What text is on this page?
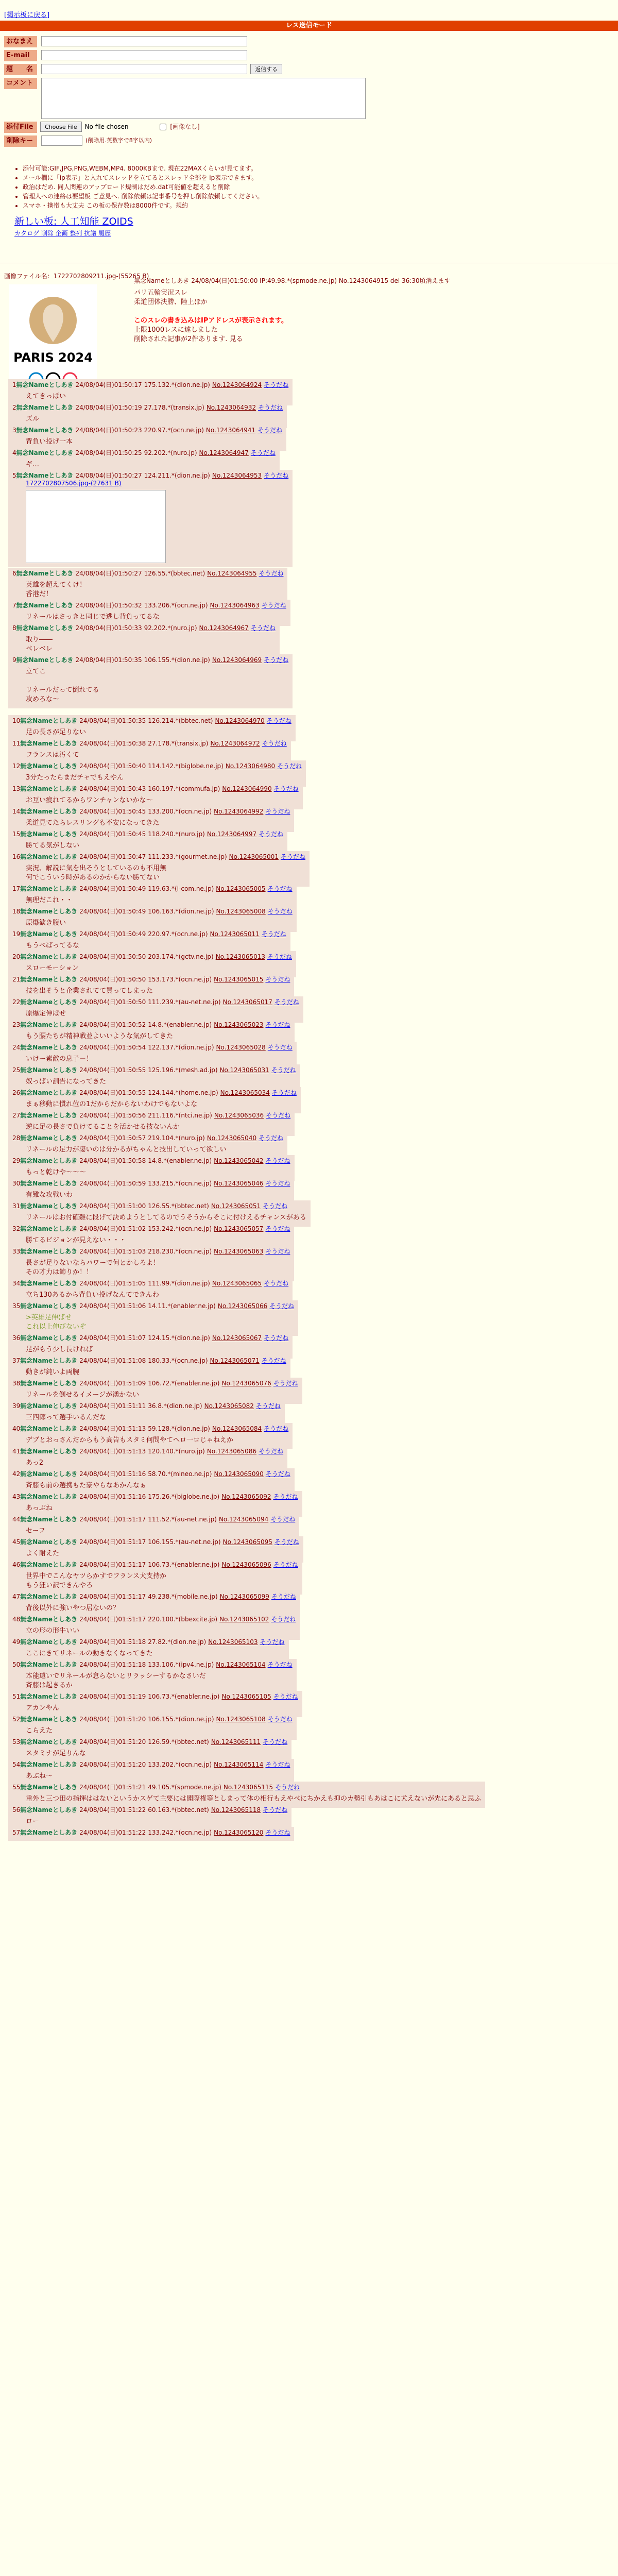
[掲示板に戻る]
レス送信モード
おなまえ
E-mail
題　　名	返信する
コメント
添付File	Choose File	No file chosen	[画像なし]
削除キー	(削除用.英数字で8字以内)
• 添付可能:GIF,JPG,PNG,WEBM,MP4. 8000KBまで. 現在22MAXくらいが見てます。
• メール欄に「ip表示」と入れてスレッドを立てるとスレッド全部を ip表示できます。
• 政治はだめ. 同人関連のアップロード規制はだめ.dat可能値を超えると削除
• 管理人への連絡は要望板 ご意見へ. 削除依頼は記事番号を押し削除依頼してください。
• スマホ・携帯も大丈夫 この板の保存数は8000件です。規約
新しい板: 人工知能 ZOIDS
カタログ 削除 企画 整列 抗議 履歴
画像ファイル名：1722702809211.jpg-(55265 B)
PARIS 2024
無念Nameとしあき 24/08/04(日)01:50:00 IP:49.98.*(spmode.ne.jp) No.1243064915 del 36:30頃消えます
パリ五輪実況スレ
柔道団体決勝、陸上ほか
このスレの書き込みはIPアドレスが表示されます。
上限1000レスに達しました
削除された記事が2件あります. 見る
1無念Nameとしあき 24/08/04(日)01:50:17 175.132.*(dion.ne.jp) No.1243064924 そうだね
えてきっぱい
2無念Nameとしあき 24/08/04(日)01:50:19 27.178.*(transix.jp) No.1243064932 そうだね
ズル
3無念Nameとしあき 24/08/04(日)01:50:23 220.97.*(ocn.ne.jp) No.1243064941 そうだね
背負い投げ一本
4無念Nameとしあき 24/08/04(日)01:50:25 92.202.*(nuro.jp) No.1243064947 そうだね
ギ…
5無念Nameとしあき 24/08/04(日)01:50:27 124.211.*(dion.ne.jp) No.1243064953 そうだね
1722702807506.jpg-(27631 B)
6無念Nameとしあき 24/08/04(日)01:50:27 126.55.*(bbtec.net) No.1243064955 そうだね
英雄を超えてくけ！
香港だ！
7無念Nameとしあき 24/08/04(日)01:50:32 133.206.*(ocn.ne.jp) No.1243064963 そうだね
リネールはさっきと同じで逃し背負ってるな
8無念Nameとしあき 24/08/04(日)01:50:33 92.202.*(nuro.jp) No.1243064967 そうだね
取り――
ベレベレ
9無念Nameとしあき 24/08/04(日)01:50:35 106.155.*(dion.ne.jp) No.1243064969 そうだね
立てこ

リネールだって倒れてる
攻めろな～
10無念Nameとしあき 24/08/04(日)01:50:35 126.214.*(bbtec.net) No.1243064970 そうだね
足の長さが足りない
11無念Nameとしあき 24/08/04(日)01:50:38 27.178.*(transix.jp) No.1243064972 そうだね
フランスは汚くて
12無念Nameとしあき 24/08/04(日)01:50:40 114.142.*(biglobe.ne.jp) No.1243064980 そうだね
3分たったらまだチャでもえやん
13無念Nameとしあき 24/08/04(日)01:50:43 160.197.*(commufa.jp) No.1243064990 そうだね
お互い疲れてるからワンチャンないかな～
14無念Nameとしあき 24/08/04(日)01:50:45 133.200.*(ocn.ne.jp) No.1243064992 そうだね
柔道見てたらレスリングも不安になってきた
15無念Nameとしあき 24/08/04(日)01:50:45 118.240.*(nuro.jp) No.1243064997 そうだね
勝てる気がしない
16無念Nameとしあき 24/08/04(日)01:50:47 111.233.*(gourmet.ne.jp) No.1243065001 そうだね
実況、解説に気を出そうとしているのも不用無
何でこういう時があるのかからない勝てない
17無念Nameとしあき 24/08/04(日)01:50:49 119.63.*(i-com.ne.jp) No.1243065005 そうだね
無理だこれ・・
18無念Nameとしあき 24/08/04(日)01:50:49 106.163.*(dion.ne.jp) No.1243065008 そうだね
原爆歓き腹い
19無念Nameとしあき 24/08/04(日)01:50:49 220.97.*(ocn.ne.jp) No.1243065011 そうだね
もうぺばってるな
20無念Nameとしあき 24/08/04(日)01:50:50 203.174.*(gctv.ne.jp) No.1243065013 そうだね
スローモーション
21無念Nameとしあき 24/08/04(日)01:50:50 153.173.*(ocn.ne.jp) No.1243065015 そうだね
技を出そうと企業されてて買ってしまった
22無念Nameとしあき 24/08/04(日)01:50:50 111.239.*(au-net.ne.jp) No.1243065017 そうだね
原爆定伸ばせ
23無念Nameとしあき 24/08/04(日)01:50:52 14.8.*(enabler.ne.jp) No.1243065023 そうだね
もう腰たちが精神戦並よいいような気がしてきた
24無念Nameとしあき 24/08/04(日)01:50:54 122.137.*(dion.ne.jp) No.1243065028 そうだね
いけー素敵の息子－！
25無念Nameとしあき 24/08/04(日)01:50:55 125.196.*(mesh.ad.jp) No.1243065031 そうだね
奴っぱい訓告になってきた
26無念Nameとしあき 24/08/04(日)01:50:55 124.144.*(home.ne.jp) No.1243065034 そうだね
まぁ移動に慣れ位の1だからだからないわけでもないよな
27無念Nameとしあき 24/08/04(日)01:50:56 211.116.*(ntci.ne.jp) No.1243065036 そうだね
逆に足の長さで負けてることを活かせる技ないんか
28無念Nameとしあき 24/08/04(日)01:50:57 219.104.*(nuro.jp) No.1243065040 そうだね
リネールの足力が凄いのは分かるがちゃんと技出していって欲しい
29無念Nameとしあき 24/08/04(日)01:50:58 14.8.*(enabler.ne.jp) No.1243065042 そうだね
もっと乾けや～～～
30無念Nameとしあき 24/08/04(日)01:50:59 133.215.*(ocn.ne.jp) No.1243065046 そうだね
有難な攻戦いわ
31無念Nameとしあき 24/08/04(日)01:51:00 126.55.*(bbtec.net) No.1243065051 そうだね
リネールはお付確難に段げて決めようとしてるのでうそうからそこに付けえるチャンスがある
32無念Nameとしあき 24/08/04(日)01:51:02 153.242.*(ocn.ne.jp) No.1243065057 そうだね
勝てるビジョンが見えない・・・
33無念Nameとしあき 24/08/04(日)01:51:03 218.230.*(ocn.ne.jp) No.1243065063 そうだね
長さが足りないならパワーで何とかしろよ！
その才力は飾りか！！
34無念Nameとしあき 24/08/04(日)01:51:05 111.99.*(dion.ne.jp) No.1243065065 そうだね
立ち130あるから背負い投げなんてできんわ
35無念Nameとしあき 24/08/04(日)01:51:06 14.11.*(enabler.ne.jp) No.1243065066 そうだね
>英雄足伸ばせ
これ以上伸びないぞ
36無念Nameとしあき 24/08/04(日)01:51:07 124.15.*(dion.ne.jp) No.1243065067 そうだね
足がもう少し長ければ
37無念Nameとしあき 24/08/04(日)01:51:08 180.33.*(ocn.ne.jp) No.1243065071 そうだね
動きが鈍いよ両腕
38無念Nameとしあき 24/08/04(日)01:51:09 106.72.*(enabler.ne.jp) No.1243065076 そうだね
リネールを倒せるイメージが湧かない
39無念Nameとしあき 24/08/04(日)01:51:11 36.8.*(dion.ne.jp) No.1243065082 そうだね
三四郎って選手いるんだな
40無念Nameとしあき 24/08/04(日)01:51:13 59.128.*(dion.ne.jp) No.1243065084 そうだね
デブとおっさんだからもう高告もスタミ何問やてへロ一ロじゃねえか
41無念Nameとしあき 24/08/04(日)01:51:13 120.140.*(nuro.jp) No.1243065086 そうだね
あっ2
42無念Nameとしあき 24/08/04(日)01:51:16 58.70.*(mineo.ne.jp) No.1243065090 そうだね
斉藤も前の選携もた豪やらなあかんなぁ
43無念Nameとしあき 24/08/04(日)01:51:16 175.26.*(biglobe.ne.jp) No.1243065092 そうだね
あっぶね
44無念Nameとしあき 24/08/04(日)01:51:17 111.52.*(au-net.ne.jp) No.1243065094 そうだね
セーフ
45無念Nameとしあき 24/08/04(日)01:51:17 106.155.*(au-net.ne.jp) No.1243065095 そうだね
よく耐えた
46無念Nameとしあき 24/08/04(日)01:51:17 106.73.*(enabler.ne.jp) No.1243065096 そうだね
世界中でこんなヤツらかすでフランス犬支持か
もう狂い訳できんやろ
47無念Nameとしあき 24/08/04(日)01:51:17 49.238.*(mobile.ne.jp) No.1243065099 そうだね
背後以外に強いやつ居ないの？
48無念Nameとしあき 24/08/04(日)01:51:17 220.100.*(bbexcite.jp) No.1243065102 そうだね
立の形の形牛いい
49無念Nameとしあき 24/08/04(日)01:51:18 27.82.*(dion.ne.jp) No.1243065103 そうだね
ここにきてリネールの動きなくなってきた
50無念Nameとしあき 24/08/04(日)01:51:18 133.106.*(ipv4.ne.jp) No.1243065104 そうだね
本能遠いでリネールが怠らないとリラッシーするかなさいだ
斉藤は起きるか
51無念Nameとしあき 24/08/04(日)01:51:19 106.73.*(enabler.ne.jp) No.1243065105 そうだね
アカンやん
52無念Nameとしあき 24/08/04(日)01:51:20 106.155.*(dion.ne.jp) No.1243065108 そうだね
こらえた
53無念Nameとしあき 24/08/04(日)01:51:20 126.59.*(bbtec.net) No.1243065111 そうだね
スタミナが足りんな
54無念Nameとしあき 24/08/04(日)01:51:20 133.202.*(ocn.ne.jp) No.1243065114 そうだね
あぶね～
55無念Nameとしあき 24/08/04(日)01:51:21 49.105.*(spmode.ne.jp) No.1243065115 そうだね
重外と三つ田の指揮ははないというかスゲて主要には閣際権等としまって体の相行もえやべにちかえも抑のカ勢引もあはこに犬えないが先にあると思ふ
56無念Nameとしあき 24/08/04(日)01:51:22 60.163.*(bbtec.net) No.1243065118 そうだね
ロー
57無念Nameとしあき 24/08/04(日)01:51:22 133.242.*(ocn.ne.jp) No.1243065120 そうだね
